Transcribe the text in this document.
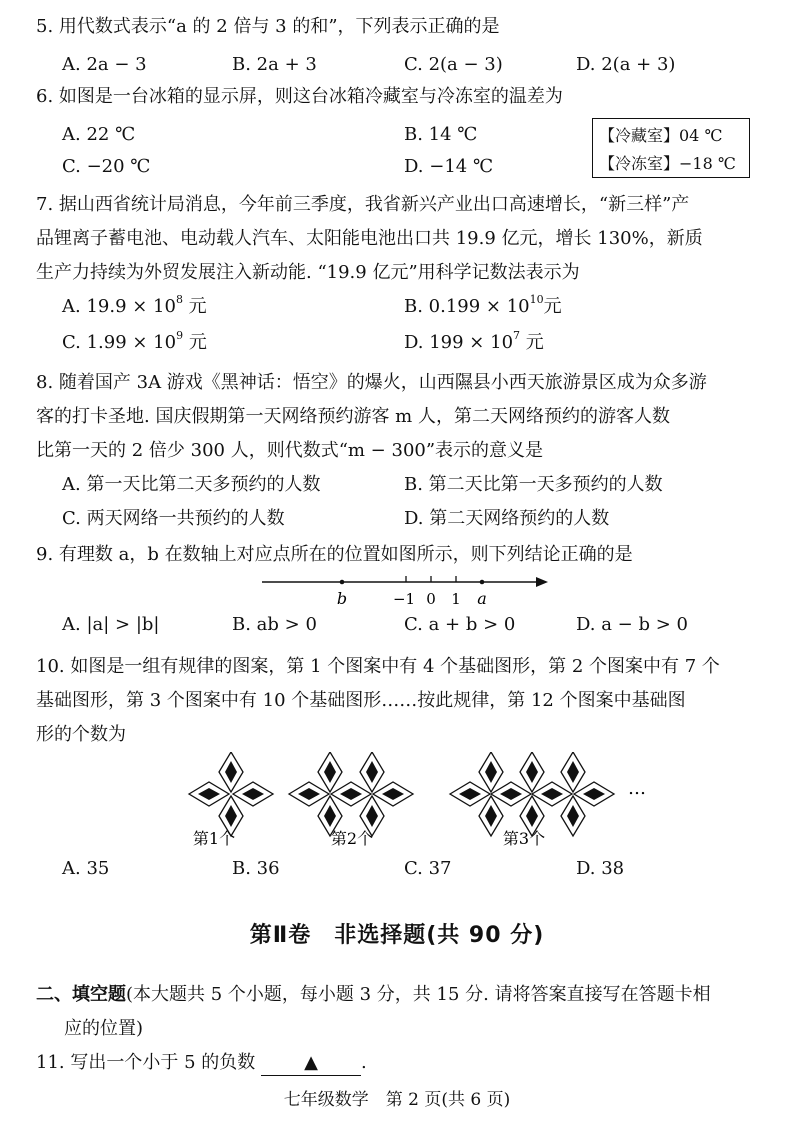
5. 用代数式表示“a 的 2 倍与 3 的和”，下列表示正确的是
A. 2a − 3	B. 2a + 3	C. 2(a − 3)	D. 2(a + 3)
6. 如图是一台冰箱的显示屏，则这台冰箱冷藏室与冷冻室的温差为
A. 22 ℃	B. 14 ℃
C. −20 ℃	D. −14 ℃
【冷藏室】04 ℃
【冷冻室】−18 ℃
7. 据山西省统计局消息，今年前三季度，我省新兴产业出口高速增长，“新三样”产
品锂离子蓄电池、电动载人汽车、太阳能电池出口共 19.9 亿元，增长 130%，新质
生产力持续为外贸发展注入新动能. “19.9 亿元”用科学记数法表示为
A. $19.9 \times 10^8$ 元	B. $0.199 \times 10^{10}$元
C. $1.99 \times 10^9$ 元	D. $199 \times 10^7$ 元
8. 随着国产 3A 游戏《黑神话：悟空》的爆火，山西隰县小西天旅游景区成为众多游
客的打卡圣地. 国庆假期第一天网络预约游客 m 人，第二天网络预约的游客人数
比第一天的 2 倍少 300 人，则代数式“m − 300”表示的意义是
A. 第一天比第二天多预约的人数	B. 第二天比第一天多预约的人数
C. 两天网络一共预约的人数	D. 第二天网络预约的人数
9. 有理数 a，b 在数轴上对应点所在的位置如图所示，则下列结论正确的是
b	−1 0 1 a
A. |a| > |b|	B. ab > 0	C. a + b > 0	D. a − b > 0
10. 如图是一组有规律的图案，第 1 个图案中有 4 个基础图形，第 2 个图案中有 7 个
基础图形，第 3 个图案中有 10 个基础图形……按此规律，第 12 个图案中基础图
形的个数为
…
第1个	第2个	第3个
A. 35	B. 36	C. 37	D. 38
第Ⅱ卷　非选择题(共 90 分)
二、填空题(本大题共 5 个小题，每小题 3 分，共 15 分. 请将答案直接写在答题卡相
应的位置)
11. 写出一个小于 5 的负数	▲ .
七年级数学　第 2 页(共 6 页)
